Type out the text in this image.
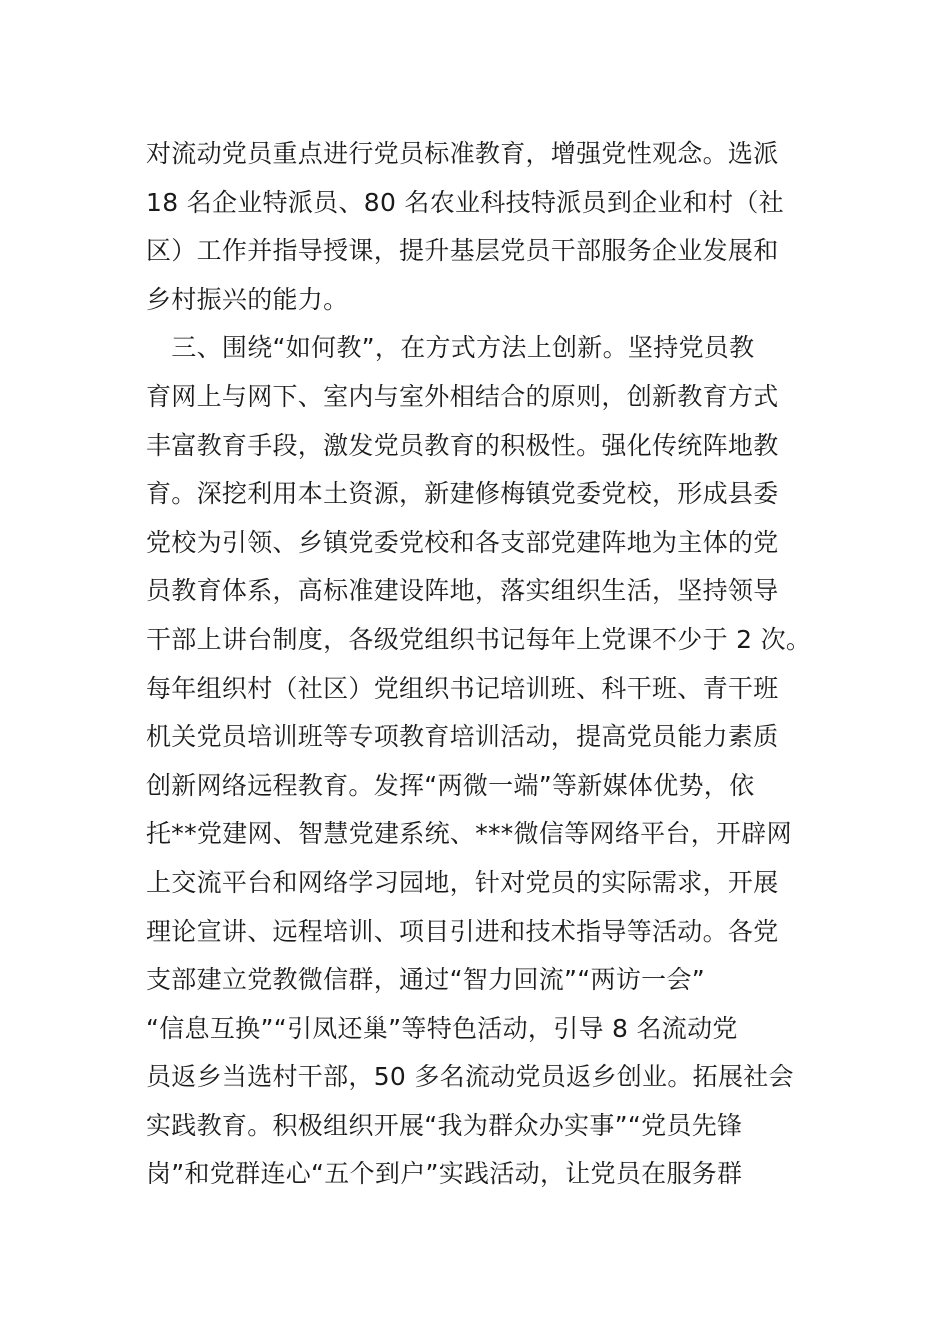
对流动党员重点进行党员标准教育，增强党性观念。选派
18 名企业特派员、80 名农业科技特派员到企业和村（社
区）工作并指导授课，提升基层党员干部服务企业发展和
乡村振兴的能力。
　三、围绕“如何教”，在方式方法上创新。坚持党员教
育网上与网下、室内与室外相结合的原则，创新教育方式
丰富教育手段，激发党员教育的积极性。强化传统阵地教
育。深挖利用本土资源，新建修梅镇党委党校，形成县委
党校为引领、乡镇党委党校和各支部党建阵地为主体的党
员教育体系，高标准建设阵地，落实组织生活，坚持领导
干部上讲台制度，各级党组织书记每年上党课不少于 2 次。
每年组织村（社区）党组织书记培训班、科干班、青干班
机关党员培训班等专项教育培训活动，提高党员能力素质
创新网络远程教育。发挥“两微一端”等新媒体优势，依
托**党建网、智慧党建系统、***微信等网络平台，开辟网
上交流平台和网络学习园地，针对党员的实际需求，开展
理论宣讲、远程培训、项目引进和技术指导等活动。各党
支部建立党教微信群，通过“智力回流”“两访一会”
“信息互换”“引凤还巢”等特色活动，引导 8 名流动党
员返乡当选村干部，50 多名流动党员返乡创业。拓展社会
实践教育。积极组织开展“我为群众办实事”“党员先锋
岗”和党群连心“五个到户”实践活动，让党员在服务群
